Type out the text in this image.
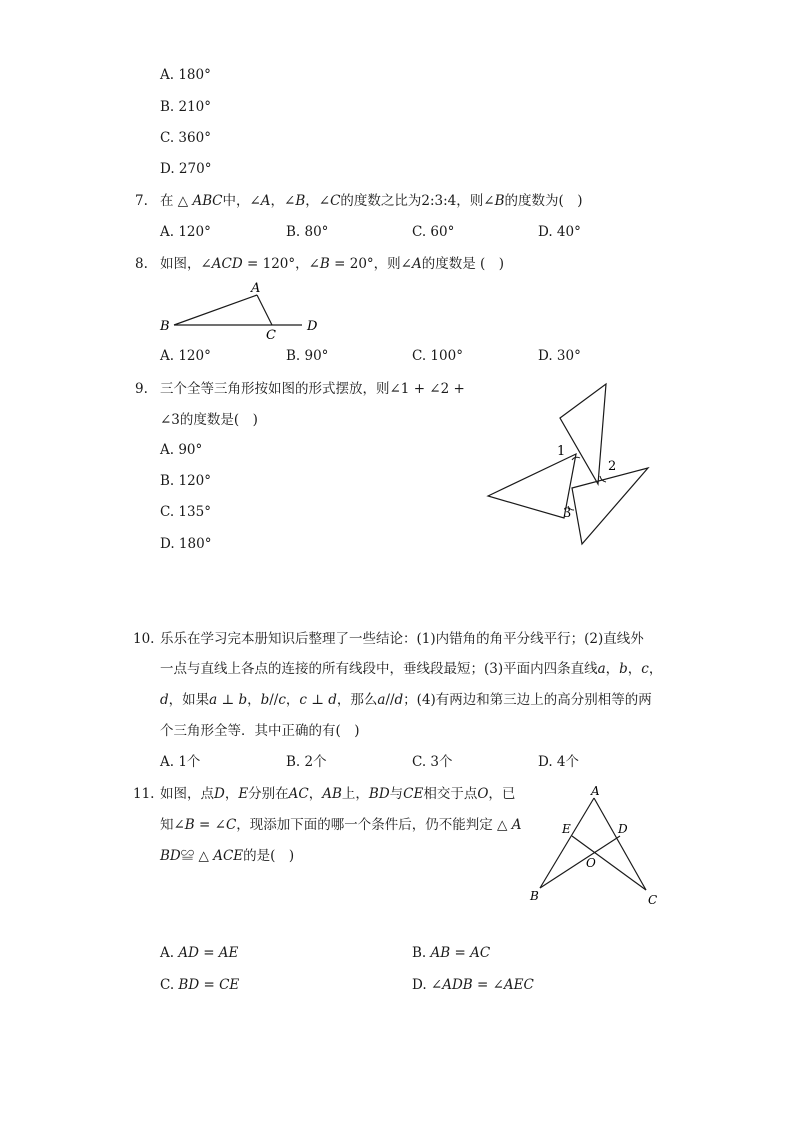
A. 180°
B. 210°
C. 360°
D. 270°
7. 在 △ 𝐴𝐵𝐶中，∠𝐴，∠𝐵，∠𝐶的度数之比为2:3:4，则∠𝐵的度数为(　)
A. 120°	B. 80°	C. 60°	D. 40°
8. 如图，∠𝐴𝐶𝐷 = 120°，∠𝐵 = 20°，则∠𝐴的度数是 (　)
A
B
C
D
A. 120°	B. 90°	C. 100°	D. 30°
9. 三个全等三角形按如图的形式摆放，则∠1 + ∠2 +
∠3的度数是(　)
A. 90°
B. 120°
C. 135°
D. 180°
1
2
3
10. 乐乐在学习完本册知识后整理了一些结论：(1)内错角的角平分线平行；(2)直线外
一点与直线上各点的连接的所有线段中，垂线段最短；(3)平面内四条直线𝑎，𝑏，𝑐，
𝑑，如果𝑎 ⊥ 𝑏，𝑏//𝑐，𝑐 ⊥ 𝑑，那么𝑎//𝑑；(4)有两边和第三边上的高分别相等的两
个三角形全等．其中正确的有(　)
A. 1个	B. 2个	C. 3个	D. 4个
11. 如图，点𝐷，𝐸分别在𝐴𝐶，𝐴𝐵上，𝐵𝐷与𝐶𝐸相交于点𝑂，已
知∠𝐵 = ∠𝐶，现添加下面的哪一个条件后，仍不能判定 △ 𝐴
𝐵𝐷≌ △ 𝐴𝐶𝐸的是(　)
A
E	D
O
B	C
A. 𝐴𝐷 = 𝐴𝐸	B. 𝐴𝐵 = 𝐴𝐶
C. 𝐵𝐷 = 𝐶𝐸	D. ∠𝐴𝐷𝐵 = ∠𝐴𝐸𝐶
